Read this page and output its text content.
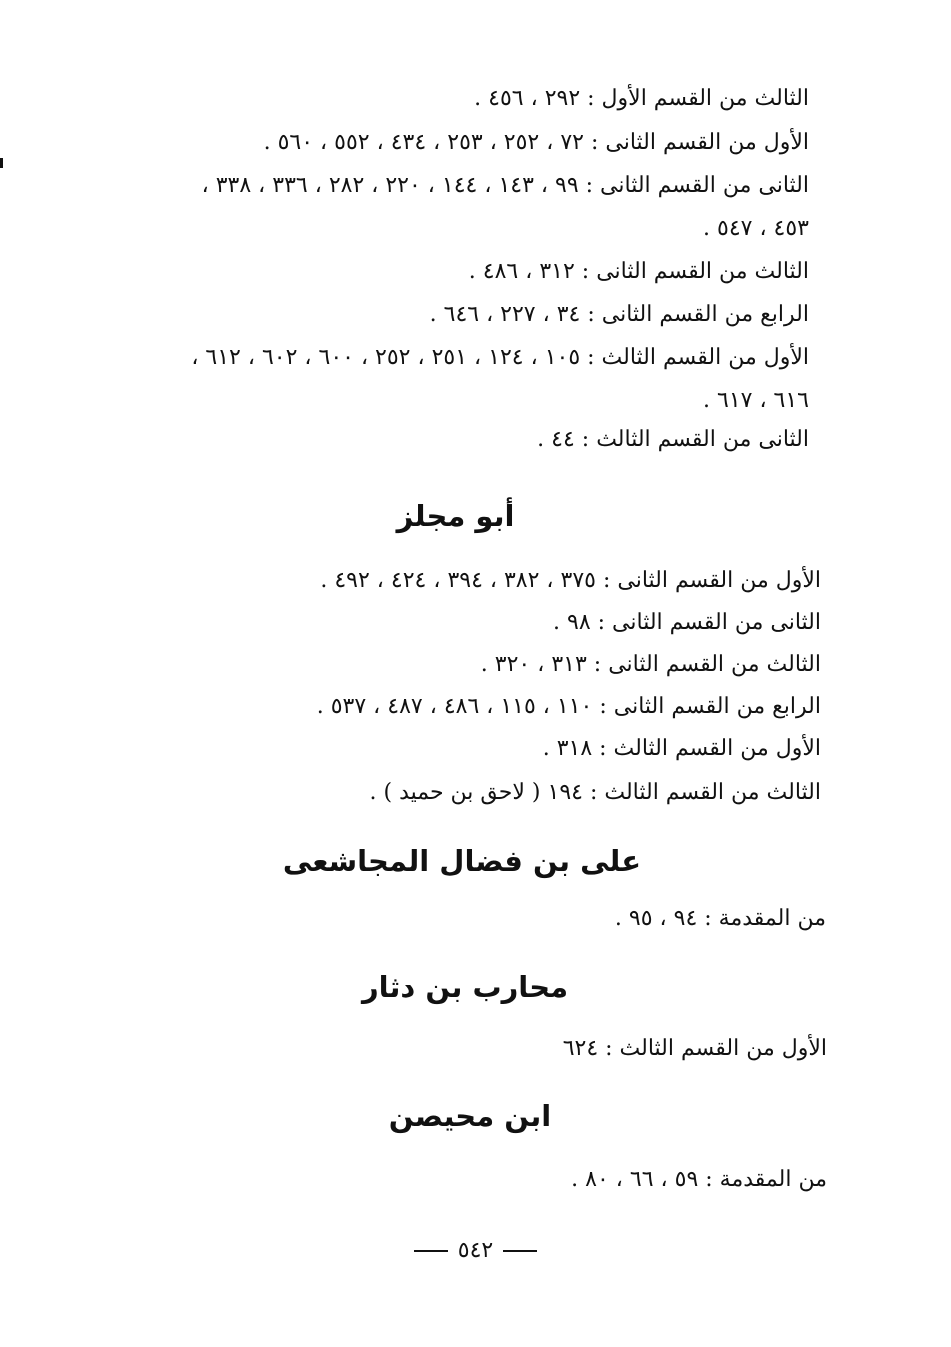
الثالث من القسم الأول : ٢٩٢ ، ٤٥٦ .
الأول من القسم الثانى : ٧٢ ، ٢٥٢ ، ٢٥٣ ، ٤٣٤ ، ٥٥٢ ، ٥٦٠ .
الثانى من القسم الثانى : ٩٩ ، ١٤٣ ، ١٤٤ ، ٢٢٠ ، ٢٨٢ ، ٣٣٦ ، ٣٣٨ ،
٤٥٣ ، ٥٤٧ .
الثالث من القسم الثانى : ٣١٢ ، ٤٨٦ .
الرابع من القسم الثانى : ٣٤ ، ٢٢٧ ، ٦٤٦ .
الأول من القسم الثالث : ١٠٥ ، ١٢٤ ، ٢٥١ ، ٢٥٢ ، ٦٠٠ ، ٦٠٢ ، ٦١٢ ،
٦١٦ ، ٦١٧ .
الثانى من القسم الثالث : ٤٤ .
أبو مجلز
الأول من القسم الثانى : ٣٧٥ ، ٣٨٢ ، ٣٩٤ ، ٤٢٤ ، ٤٩٢ .
الثانى من القسم الثانى : ٩٨ .
الثالث من القسم الثانى : ٣١٣ ، ٣٢٠ .
الرابع من القسم الثانى : ١١٠ ، ١١٥ ، ٤٨٦ ، ٤٨٧ ، ٥٣٧ .
الأول من القسم الثالث : ٣١٨ .
الثالث من القسم الثالث : ١٩٤ ( لاحق بن حميد ) .
على بن فضال المجاشعى
من المقدمة : ٩٤ ، ٩٥ .
محارب بن دثار
الأول من القسم الثالث : ٦٢٤
ابن محيصن
من المقدمة : ٥٩ ، ٦٦ ، ٨٠ .
٥٤٢
